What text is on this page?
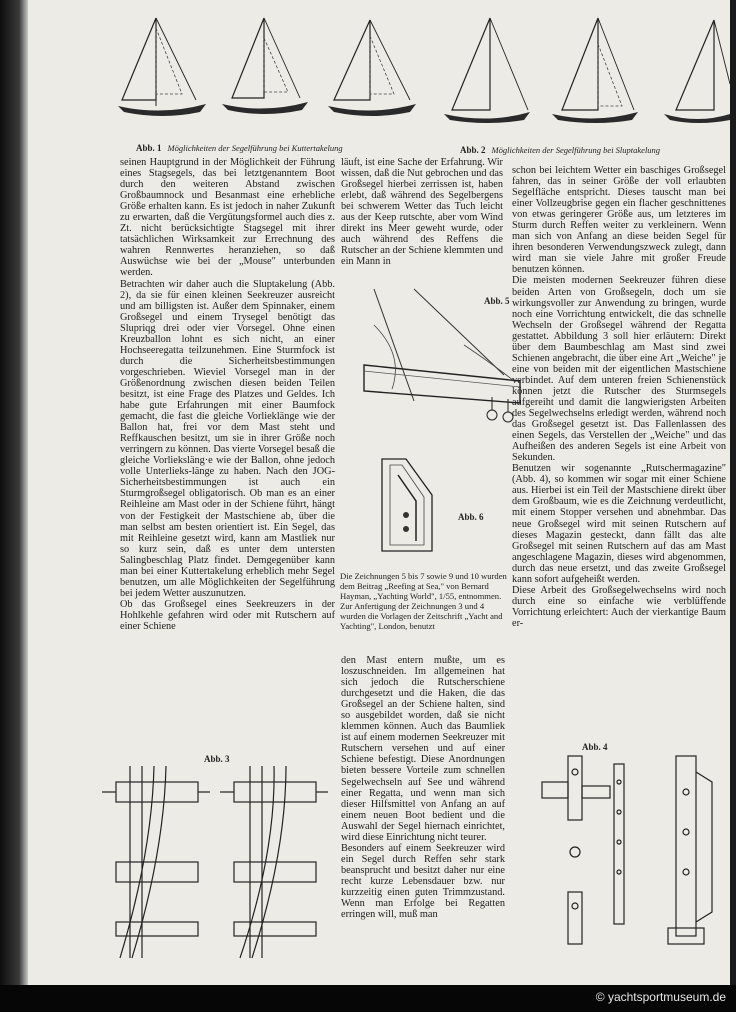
Abb. 1 Möglichkeiten der Segelführung bei Kuttertakelung	Abb. 2 Möglichkeiten der Segelführung bei Sluptakelung

seinen Hauptgrund in der Möglichkeit der Führung eines Stagsegels, das bei letztgenanntem Boot durch den weiteren Abstand zwischen Großbaumnock und Besanmast eine erhebliche Größe erhalten kann. Es ist jedoch in naher Zukunft zu erwarten, daß die Vergütungsformel auch dies z. Zt. nicht berücksichtigte Stagsegel mit ihrer tatsächlichen Wirksamkeit zur Errechnung des wahren Rennwertes heranziehen, so daß Auswüchse wie bei der „Mouse" unterbunden werden.

Betrachten wir daher auch die Sluptakelung (Abb. 2), da sie für einen kleinen Seekreuzer ausreicht und am billigsten ist. Außer dem Spinnaker, einem Großsegel und einem Trysegel benötigt das Slupriqg drei oder vier Vorsegel. Ohne einen Kreuzballon lohnt es sich nicht, an einer Hochseeregatta teilzunehmen. Eine Sturmfock ist durch die Sicherheitsbestimmungen vorgeschrieben. Wieviel Vorsegel man in der Größenordnung zwischen diesen beiden Teilen besitzt, ist eine Frage des Platzes und Geldes. Ich habe gute Erfahrungen mit einer Baumfock gemacht, die fast die gleiche Vorlieklänge wie der Ballon hat, frei vor dem Mast steht und Reffkauschen besitzt, um sie in ihrer Größe noch verringern zu können. Das vierte Vorsegel besaß die gleiche Vorlieksläng·e wie der Ballon, ohne jedoch volle Unterlieks-länge zu haben. Nach den JOG-Sicherheitsbestimmungen ist auch ein Sturmgroßsegel obligatorisch. Ob man es an einer Reihleine am Mast oder in der Schiene führt, hängt von der Festigkeit der Mastschiene ab, über die man selbst am besten orientiert ist. Ein Segel, das mit Reihleine gesetzt wird, kann am Mastliek nur so kurz sein, daß es unter dem untersten Salingbeschlag Platz findet. Demgegenüber kann man bei einer Kuttertakelung erheblich mehr Segel benutzen, um alle Möglichkeiten der Segelführung bei jedem Wetter auszunutzen.

Ob das Großsegel eines Seekreuzers in der Hohlkehle gefahren wird oder mit Rutschern auf einer Schiene

läuft, ist eine Sache der Erfahrung. Wir wissen, daß die Nut gebrochen und das Großsegel hierbei zerrissen ist, haben erlebt, daß während des Segelbergens bei schwerem Wetter das Tuch leicht aus der Keep rutschte, aber vom Wind direkt ins Meer geweht wurde, oder auch während des Reffens die Rutscher an der Schiene klemmten und ein Mann in

Abb. 5
Abb. 6
Die Zeichnungen 5 bis 7 sowie 9 und 10 wurden dem Beitrag „Reefing at Sea," von Bernard Hayman, „Yachting World", 1/55, entnommen. Zur Anfertigung der Zeichnungen 3 und 4 wurden die Vorlagen der Zeitschrift „Yacht and Yachting", London, benutzt

den Mast entern mußte, um es loszuschneiden. Im allgemeinen hat sich jedoch die Rutscherschiene durchgesetzt und die Haken, die das Großsegel an der Schiene halten, sind so ausgebildet worden, daß sie nicht klemmen können. Auch das Baumliek ist auf einem modernen Seekreuzer mit Rutschern versehen und auf einer Schiene befestigt. Diese Anordnungen bieten bessere Vorteile zum schnellen Segelwechseln auf See und während einer Regatta, und wenn man sich dieser Hilfsmittel von Anfang an auf einem neuen Boot bedient und die Auswahl der Segel hiernach einrichtet, wird diese Einrichtung nicht teurer.

Besonders auf einem Seekreuzer wird ein Segel durch Reffen sehr stark beansprucht und besitzt daher nur eine recht kurze Lebensdauer bzw. nur kurzzeitig einen guten Trimmzustand. Wenn man Erfolge bei Regatten erringen will, muß man

schon bei leichtem Wetter ein baschiges Großsegel fahren, das in seiner Größe der voll erlaubten Segelfläche entspricht. Dieses tauscht man bei einer Vollzeugbrise gegen ein flacher geschnittenes von etwas geringerer Größe aus, um letzteres im Sturm durch Reffen weiter zu verkleinern. Wenn man sich von Anfang an diese beiden Segel für ihren besonderen Verwendungszweck zulegt, dann wird man sie viele Jahre mit großer Freude benutzen können.

Die meisten modernen Seekreuzer führen diese beiden Arten von Großsegeln, doch um sie wirkungsvoller zur Anwendung zu bringen, wurde noch eine Vorrichtung entwickelt, die das schnelle Wechseln der Großsegel während der Regatta gestattet. Abbildung 3 soll hier erläutern: Direkt über dem Baumbeschlag am Mast sind zwei Schienen angebracht, die über eine Art „Weiche" je eine von beiden mit der eigentlichen Mastschiene verbindet. Auf dem unteren freien Schienenstück können jetzt die Rutscher des Sturmsegels aufgereiht und damit die langwierigsten Arbeiten des Segelwechselns erledigt werden, während noch das Großsegel gesetzt ist. Das Fallenlassen des einen Segels, das Verstellen der „Weiche" und das Aufheißen des anderen Segels ist eine Arbeit von Sekunden.

Benutzen wir sogenannte „Rutschermagazine" (Abb. 4), so kommen wir sogar mit einer Schiene aus. Hierbei ist ein Teil der Mastschiene direkt über dem Großbaum, wie es die Zeichnung verdeutlicht, mit einem Stopper versehen und abnehmbar. Das neue Großsegel wird mit seinen Rutschern auf dieses Magazin gesteckt, dann fällt das alte Großsegel mit seinen Rutschern auf das am Mast angeschlagene Magazin, dieses wird abgenommen, durch das neue ersetzt, und das zweite Großsegel kann sofort aufgeheißt werden.

Diese Arbeit des Großsegelwechselns wird noch durch eine so einfache wie verblüffende Vorrichtung erleichtert: Auch der vierkantige Baum er-

Abb. 3
Abb. 4
© yachtsportmuseum.de
